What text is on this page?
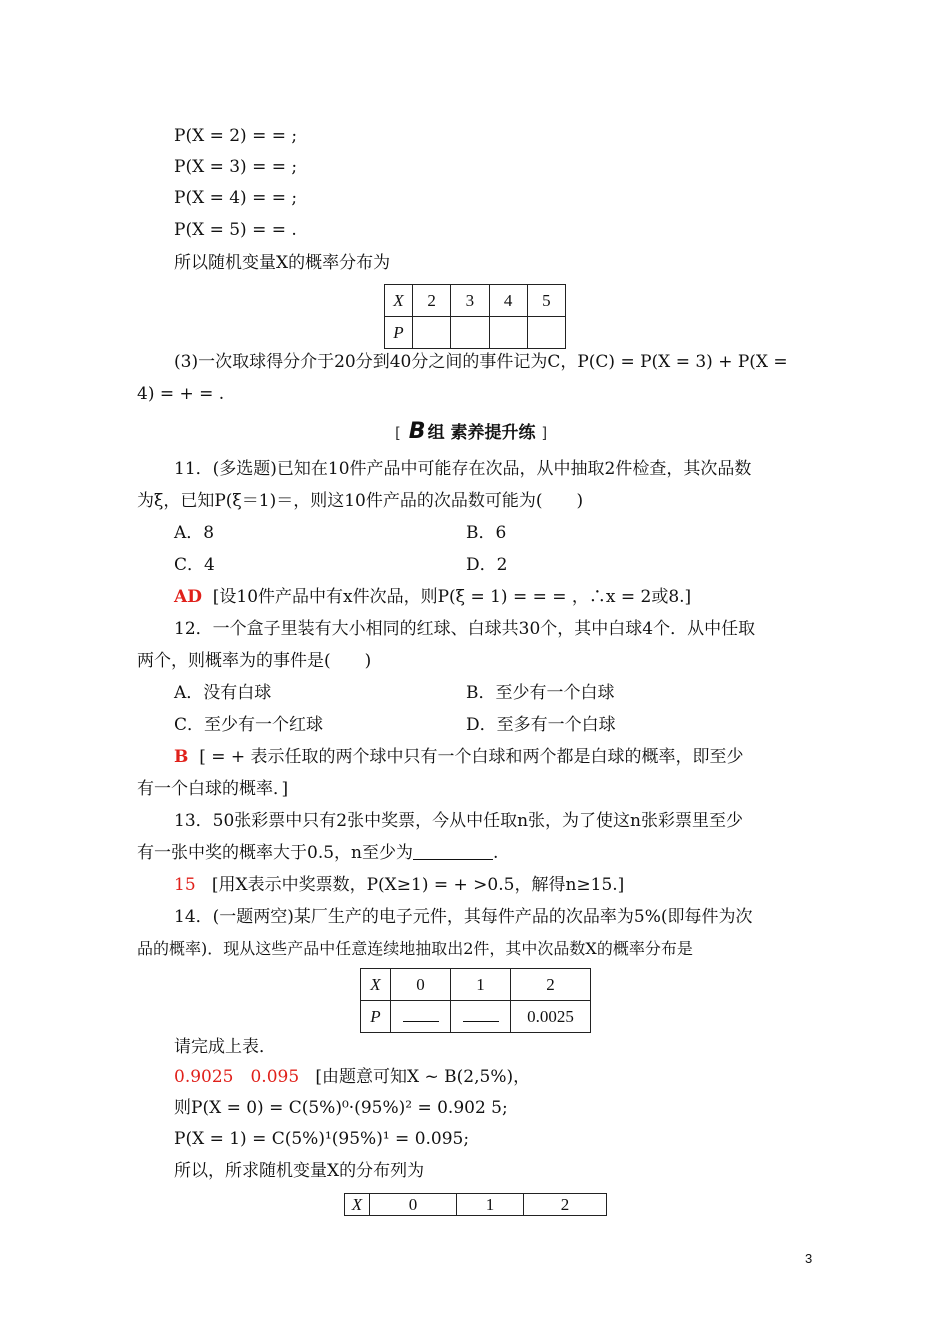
P(X = 2) = = ;
P(X = 3) = = ;
P(X = 4) = = ;
P(X = 5) = = .
所以随机变量X的概率分布为
X	2	3	4	5
P				
(3)一次取球得分介于20分到40分之间的事件记为C，P(C) = P(X = 3) + P(X =
4) = + = .
[ B 组 素养提升练 ]
11．(多选题)已知在10件产品中可能存在次品，从中抽取2件检查，其次品数
为ξ，已知P(ξ＝1)＝，则这10件产品的次品数可能为(　　)
A．8	B．6
C．4	D．2
AD [设10件产品中有x件次品，则P(ξ = 1) = = = ，∴x = 2或8.]
12．一个盒子里装有大小相同的红球、白球共30个，其中白球4个．从中任取
两个，则概率为的事件是(　　)
A．没有白球	B．至少有一个白球
C．至少有一个红球	D．至多有一个白球
B [ = + 表示任取的两个球中只有一个白球和两个都是白球的概率，即至少
有一个白球的概率．]
13．50张彩票中只有2张中奖票，今从中任取n张，为了使这n张彩票里至少
有一张中奖的概率大于0.5，n至少为	.
15 [用X表示中奖票数，P(X≥1) = + >0.5，解得n≥15.]
14．(一题两空)某厂生产的电子元件，其每件产品的次品率为5%(即每件为次
品的概率)．现从这些产品中任意连续地抽取出2件，其中次品数X的概率分布是
X	0	1	2
P			0.0025
请完成上表．
0.9025　0.095 [由题意可知X ~ B(2,5%)，
则P(X = 0) = C(5%)⁰·(95%)² = 0.902 5;
P(X = 1) = C(5%)¹(95%)¹ = 0.095;
所以，所求随机变量X的分布列为
X	0	1	2
3
